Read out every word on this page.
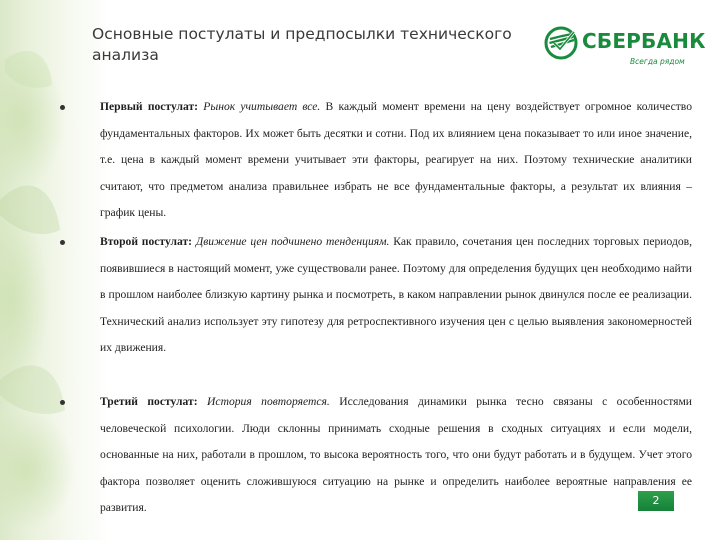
Основные постулаты и предпосылки технического анализа
СБЕРБАНК
Всегда рядом

Первый постулат: Рынок учитывает все. В каждый момент времени на цену воздействует огромное количество фундаментальных факторов. Их может быть десятки и сотни. Под их влиянием цена показывает то или иное значение, т.е. цена в каждый момент времени учитывает эти факторы, реагирует на них. Поэтому технические аналитики считают, что предметом анализа правильнее избрать не все фундаментальные факторы, а результат их влияния – график цены.

Второй постулат: Движение цен подчинено тенденциям. Как правило, сочетания цен последних торговых периодов, появившиеся в настоящий момент, уже существовали ранее. Поэтому для определения будущих цен необходимо найти в прошлом наиболее близкую картину рынка и посмотреть, в каком направлении рынок двинулся после ее реализации. Технический анализ использует эту гипотезу для ретроспективного изучения цен с целью выявления закономерностей их движения.

Третий постулат: История повторяется. Исследования динамики рынка тесно связаны с особенностями человеческой психологии. Люди склонны принимать сходные решения в сходных ситуациях и если модели, основанные на них, работали в прошлом, то высока вероятность того, что они будут работать и в будущем. Учет этого фактора позволяет оценить сложившуюся ситуацию на рынке и определить наиболее вероятные направления ее развития.

2
